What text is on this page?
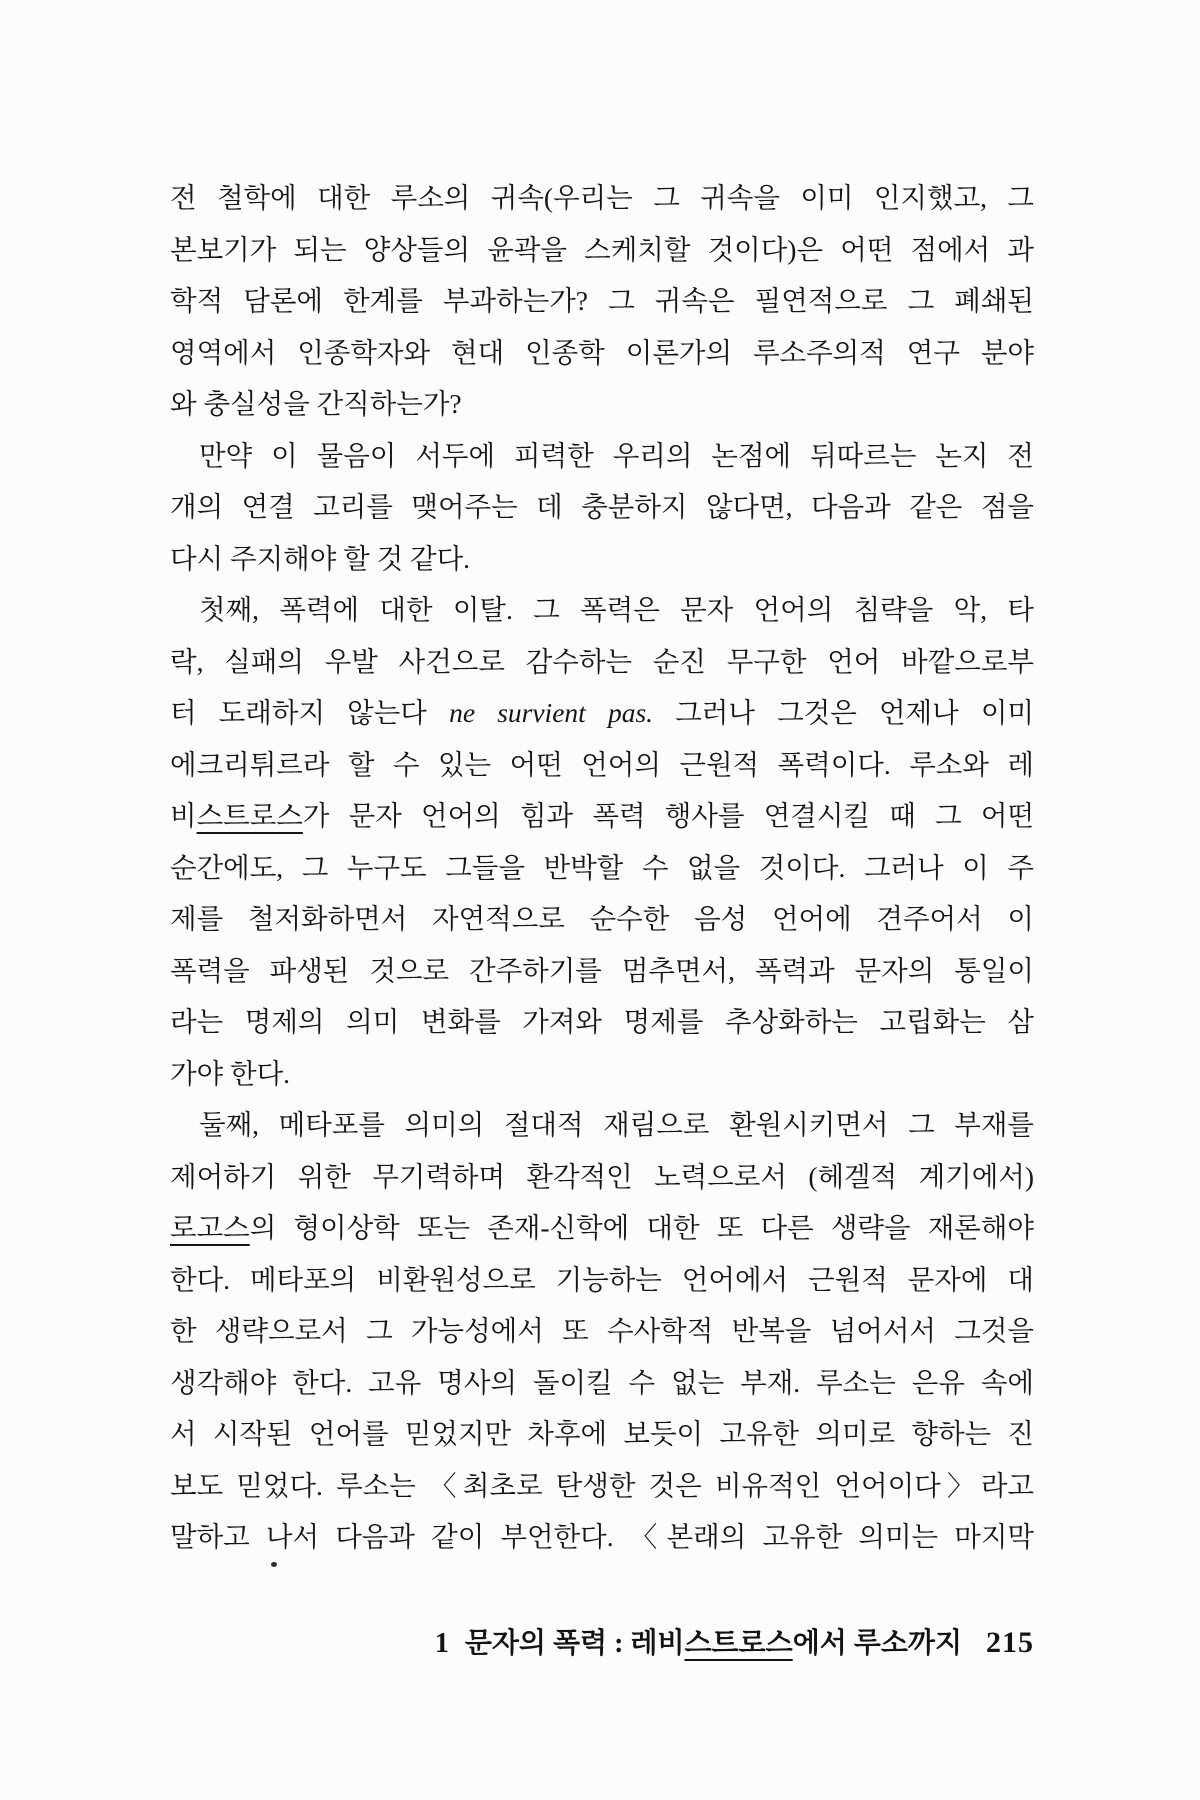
전 철학에 대한 루소의 귀속(우리는 그 귀속을 이미 인지했고, 그
본보기가 되는 양상들의 윤곽을 스케치할 것이다)은 어떤 점에서 과
학적 담론에 한계를 부과하는가? 그 귀속은 필연적으로 그 폐쇄된
영역에서 인종학자와 현대 인종학 이론가의 루소주의적 연구 분야
와 충실성을 간직하는가?
만약 이 물음이 서두에 피력한 우리의 논점에 뒤따르는 논지 전
개의 연결 고리를 맺어주는 데 충분하지 않다면, 다음과 같은 점을
다시 주지해야 할 것 같다.
첫째, 폭력에 대한 이탈. 그 폭력은 문자 언어의 침략을 악, 타
락, 실패의 우발 사건으로 감수하는 순진 무구한 언어 바깥으로부
터 도래하지 않는다 ne survient pas. 그러나 그것은 언제나 이미
에크리튀르라 할 수 있는 어떤 언어의 근원적 폭력이다. 루소와 레
비스트로스가 문자 언어의 힘과 폭력 행사를 연결시킬 때 그 어떤
순간에도, 그 누구도 그들을 반박할 수 없을 것이다. 그러나 이 주
제를 철저화하면서 자연적으로 순수한 음성 언어에 견주어서 이
폭력을 파생된 것으로 간주하기를 멈추면서, 폭력과 문자의 통일이
라는 명제의 의미 변화를 가져와 명제를 추상화하는 고립화는 삼
가야 한다.
둘째, 메타포를 의미의 절대적 재림으로 환원시키면서 그 부재를
제어하기 위한 무기력하며 환각적인 노력으로서 (헤겔적 계기에서)
로고스의 형이상학 또는 존재-신학에 대한 또 다른 생략을 재론해야
한다. 메타포의 비환원성으로 기능하는 언어에서 근원적 문자에 대
한 생략으로서 그 가능성에서 또 수사학적 반복을 넘어서서 그것을
생각해야 한다. 고유 명사의 돌이킬 수 없는 부재. 루소는 은유 속에
서 시작된 언어를 믿었지만 차후에 보듯이 고유한 의미로 향하는 진
보도 믿었다. 루소는 〈최초로 탄생한 것은 비유적인 언어이다〉라고
말하고 나서 다음과 같이 부언한다. 〈본래의 고유한 의미는 마지막
1 문자의 폭력 : 레비스트로스에서 루소까지 215
